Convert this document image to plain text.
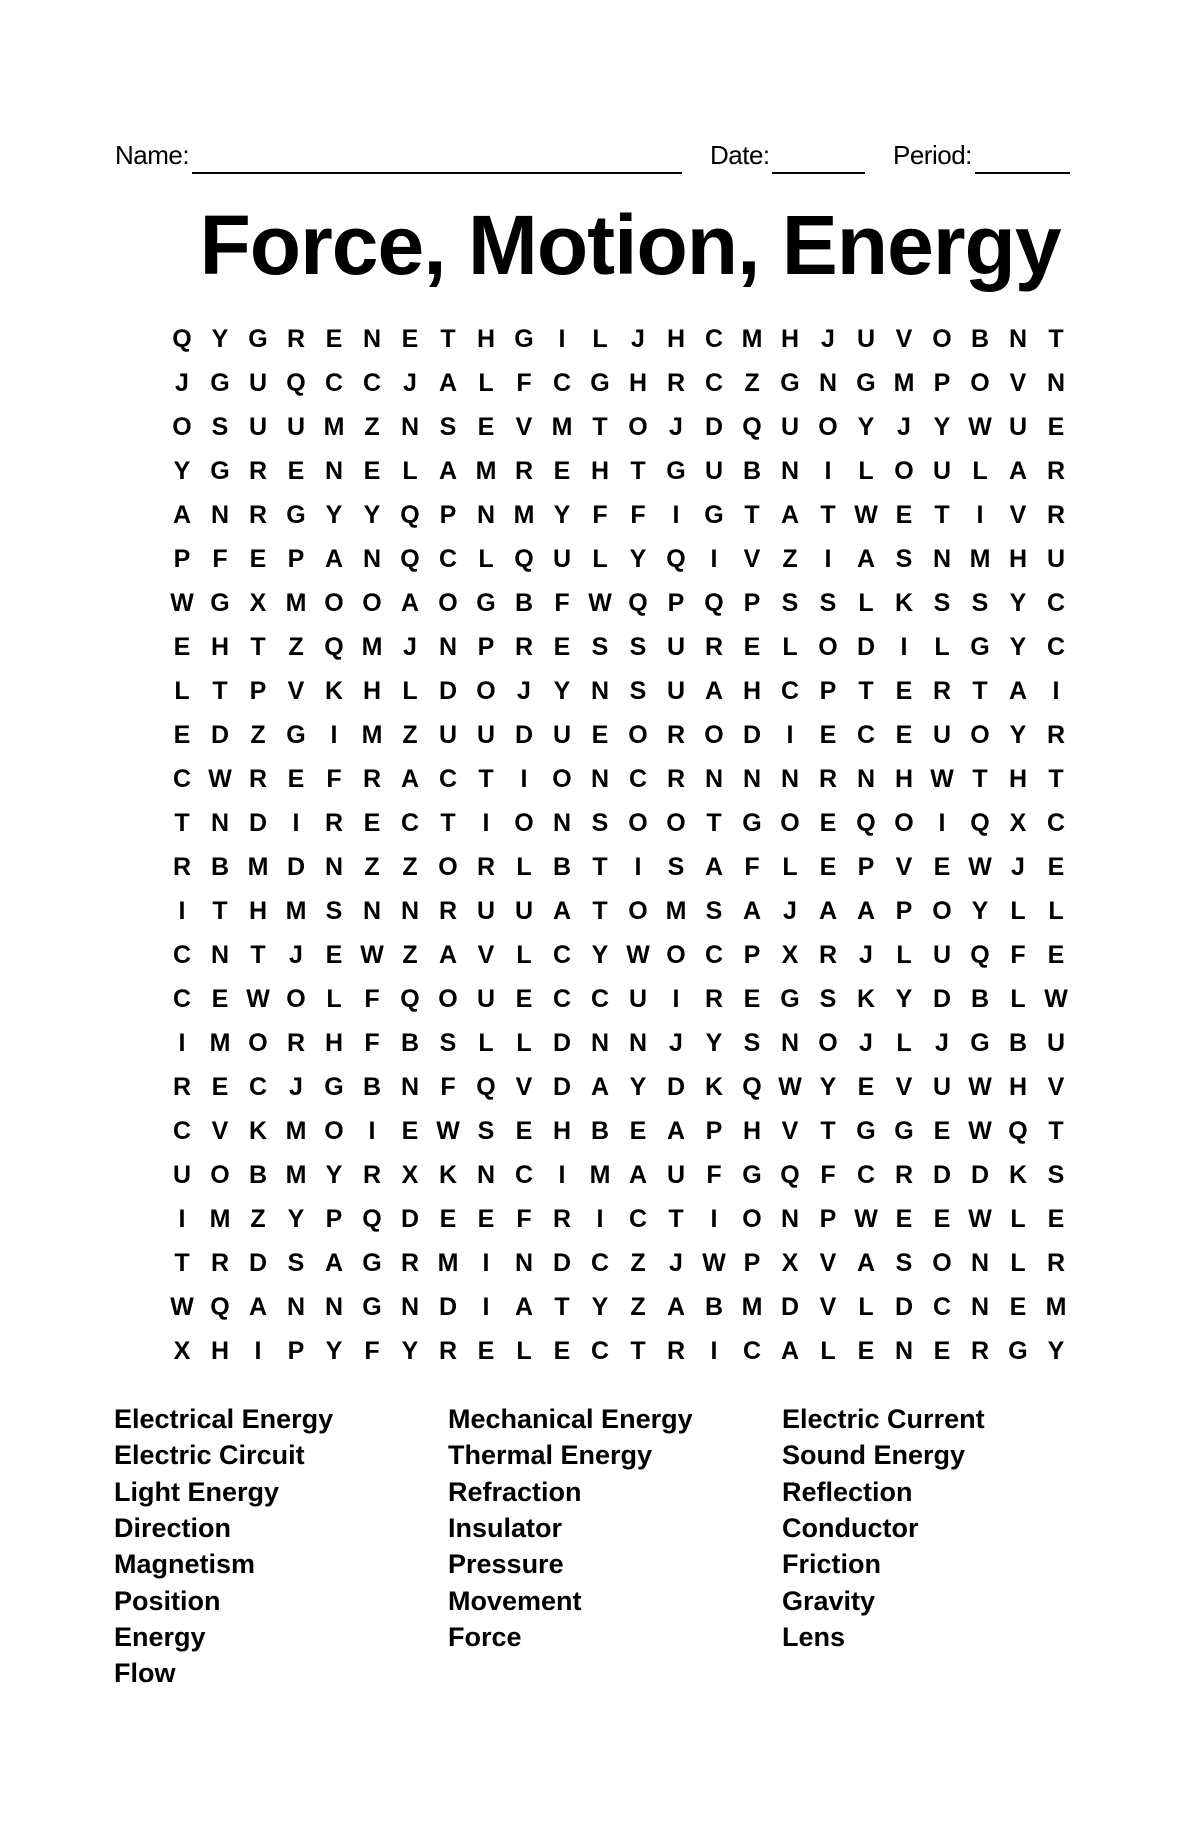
Name:	Date:	Period:
Force, Motion, Energy
Q Y G R E N E T H G I	L J H C M H J U V O B N T
J G U Q C C J A L F C G H R C Z G N G M P O V N
O S U U M Z N S E V M T O J D Q U O Y J Y W U E
Y G R E N E L A M R E H T G U B N	I	L O U L A R
A N R G Y Y Q P N M Y F F	I G T A T W E T	I	V R
P F E P A N Q C L Q U L Y Q I	V Z	I	A S N M H U
W G X M O O A O G B F W Q P Q P S S L K S S Y C
E H T Z Q M J N P R E S S U R E L O D	I	L G Y C
L T P V K H L D O J Y N S U A H C P T E R T A	I
E D Z G I M Z U U D U E O R O D	I	E C E U O Y R
C W R E F R A C T	I O N C R N N N R N H W T H T
T N D	I	R E C T	I O N S O O T G O E Q O I Q X C
R B M D N Z Z O R L B T	I	S A F L E P V E W J E
I	T H M S N N R U U A T O M S A J A A P O Y L L
C N T J E W Z A V L C Y W O C P X R J L U Q F E
C E W O L F Q O U E C C U	I	R E G S K Y D B L W
I M O R H F B S L L D N N J Y S N O J L J G B U
R E C J G B N F Q V D A Y D K Q W Y E V U W H V
C V K M O I	E W S E H B E A P H V T G G E W Q T
U O B M Y R X K N C	I M A U F G Q F C R D D K S
I M Z Y P Q D E E F R	I	C T	I O N P W E E W L E
T R D S A G R M I	N D C Z J W P X V A S O N L R
W Q A N N G N D	I	A T Y Z A B M D V L D C N E M
X H	I	P Y F Y R E L E C T R	I	C A L E N E R G Y
Electrical Energy
Electric Circuit
Light Energy
Direction
Magnetism
Position
Energy
Flow
Mechanical Energy
Thermal Energy
Refraction
Insulator
Pressure
Movement
Force
Electric Current
Sound Energy
Reflection
Conductor
Friction
Gravity
Lens
